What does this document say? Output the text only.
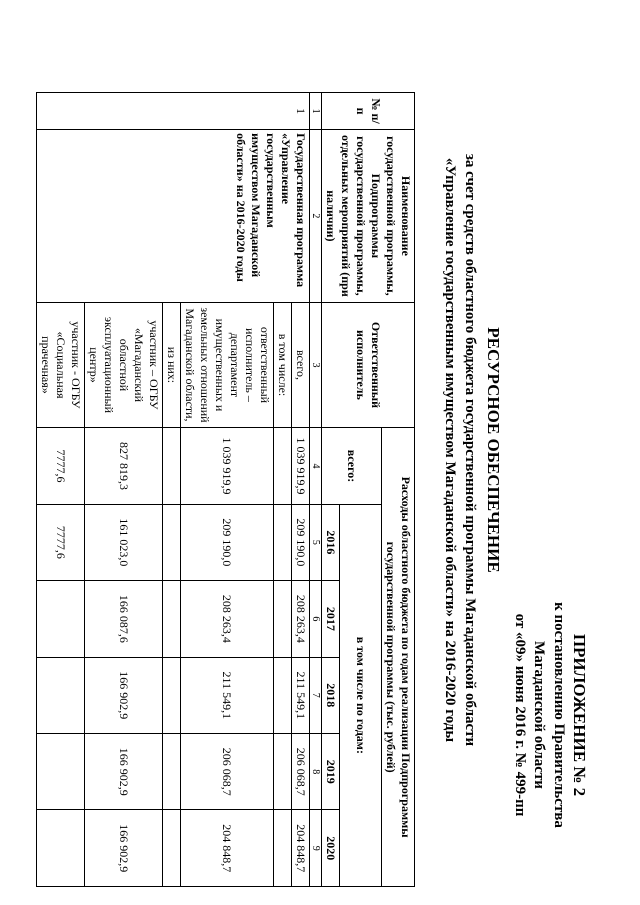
ПРИЛОЖЕНИЕ № 2
к постановлению Правительства
Магаданской области
от «09» июня 2016 г. № 499-пп
РЕСУРСНОЕ ОБЕСПЕЧЕНИЕ
за счет средств областного бюджета государственной программы Магаданской области
«Управление государственным имуществом Магаданской области» на 2016-2020 годы
№ п/п	Наименование государственной программы, Подпрограммы государственной программы, отдельных мероприятий (при наличии)	Ответственный исполнитель	Расходы областного бюджета по годам реализации Подпрограммы государственной программы (тыс. рублей)					
			всего:	в том числе по годам:				
				2016	2017	2018	2019	2020
1	2	3	4	5	6	7	8	9
1	Государственная программа «Управление государственным имуществом Магаданской области» на 2016-2020 годы	всего,	1 039 919,9	209 190,0	208 263,4	211 549,1	206 068,7	204 848,7
		в том числе:						
		ответственный исполнитель – департамент имущественных и земельных отношений Магаданской области,	1 039 919,9	209 190,0	208 263,4	211 549,1	206 068,7	204 848,7
		из них:						
		участник – ОГБУ «Магаданский областной эксплуатационный центр»	827 819,3	161 023,0	166 087,6	166 902,9	166 902,9	166 902,9
		участник - ОГБУ «Социальная прачечная»	7777,6	7777,6				
